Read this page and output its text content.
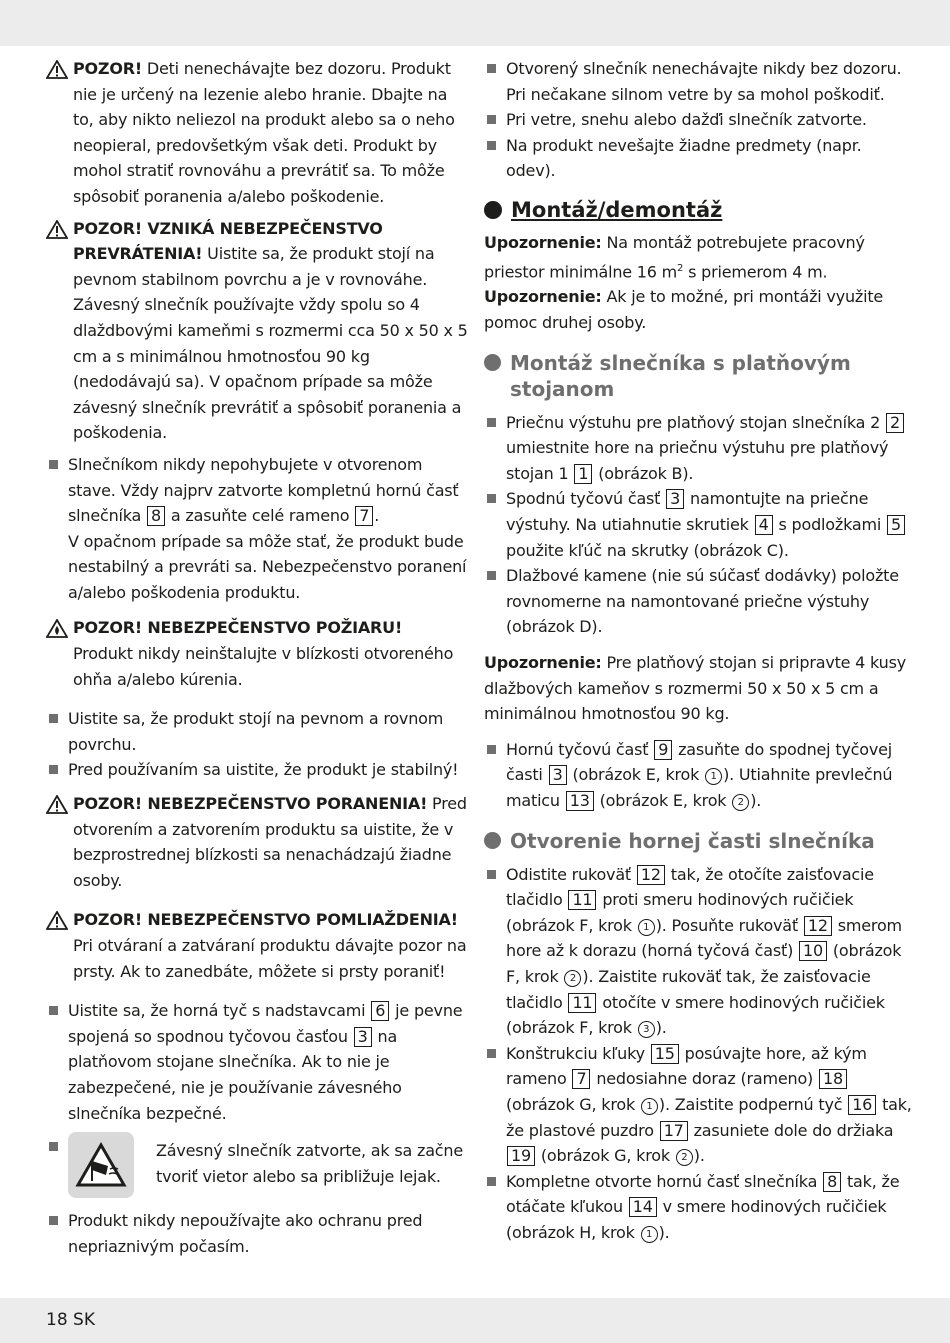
POZOR! Deti nenechávajte bez dozoru. Produkt nie je určený na lezenie alebo hranie. Dbajte na to, aby nikto neliezol na produkt alebo sa o neho neopieral, predovšetkým však deti. Produkt by mohol stratiť rovnováhu a prevrátiť sa. To môže spôsobiť poranenia a/alebo poškodenie.

POZOR! VZNIKÁ NEBEZPEČENSTVO PREVRÁTENIA! Uistite sa, že produkt stojí na pevnom stabilnom povrchu a je v rovnováhe. Závesný slnečník používajte vždy spolu so 4 dlaždbovými kameňmi s rozmermi cca 50 x 50 x 5 cm a s minimálnou hmotnosťou 90 kg (nedodávajú sa). V opačnom prípade sa môže závesný slnečník prevrátiť a spôsobiť poranenia a poškodenia.

Slnečníkom nikdy nepohybujete v otvorenom stave. Vždy najprv zatvorte kompletnú hornú časť slnečníka 8 a zasuňte celé rameno 7 .
V opačnom prípade sa môže stať, že produkt bude nestabilný a prevráti sa. Nebezpečenstvo poranení a/alebo poškodenia produktu.

POZOR! NEBEZPEČENSTVO POŽIARU!
Produkt nikdy neinštalujte v blízkosti otvoreného ohňa a/alebo kúrenia.

Uistite sa, že produkt stojí na pevnom a rovnom povrchu.

Pred používaním sa uistite, že produkt je stabilný!

POZOR! NEBEZPEČENSTVO PORANENIA! Pred otvorením a zatvorením produktu sa uistite, že v bezprostrednej blízkosti sa nenachádzajú žiadne osoby.

POZOR! NEBEZPEČENSTVO POMLIAŽDENIA! Pri otváraní a zatváraní produktu dávajte pozor na prsty. Ak to zanedbáte, môžete si prsty poraniť!

Uistite sa, že horná tyč s nadstavcami 6 je pevne spojená so spodnou tyčovou časťou 3 na platňovom stojane slnečníka. Ak to nie je zabezpečené, nie je používanie závesného slnečníka bezpečné.

Závesný slnečník zatvorte, ak sa začne tvoriť vietor alebo sa približuje lejak.

Produkt nikdy nepoužívajte ako ochranu pred nepriaznivým počasím.

Otvorený slnečník nenechávajte nikdy bez dozoru. Pri nečakane silnom vetre by sa mohol poškodiť.

Pri vetre, snehu alebo dažďi slnečník zatvorte.

Na produkt nevešajte žiadne predmety (napr. odev).

Montáž/demontáž

Upozornenie: Na montáž potrebujete pracovný priestor minimálne 16 $m^2$ s priemerom 4 m.

Upozornenie: Ak je to možné, pri montáži využite pomoc druhej osoby.

Montáž slnečníka s platňovým stojanom

Priečnu výstuhu pre platňový stojan slnečníka 2 2 umiestnite hore na priečnu výstuhu pre platňový stojan 1 1 (obrázok B).

Spodnú tyčovú časť 3 namontujte na priečne výstuhy. Na utiahnutie skrutiek 4 s podložkami 5 použite kľúč na skrutky (obrázok C).

Dlažbové kamene (nie sú súčasť dodávky) položte rovnomerne na namontované priečne výstuhy (obrázok D).

Upozornenie: Pre platňový stojan si pripravte 4 kusy dlažbových kameňov s rozmermi 50 x 50 x 5 cm a minimálnou hmotnosťou 90 kg.

Hornú tyčovú časť 9 zasuňte do spodnej tyčovej časti 3 (obrázok E, krok 1 ). Utiahnite prevlečnú maticu 13 (obrázok E, krok 2 ).

Otvorenie hornej časti slnečníka

Odistite rukoväť 12 tak, že otočíte zaisťovacie tlačidlo 11 proti smeru hodinových ručičiek (obrázok F, krok 1 ). Posuňte rukoväť 12 smerom hore až k dorazu (horná tyčová časť) 10 (obrázok F, krok 2 ). Zaistite rukoväť tak, že zaisťovacie tlačidlo 11 otočíte v smere hodinových ručičiek (obrázok F, krok 3 ).

Konštrukciu kľuky 15 posúvajte hore, až kým rameno 7 nedosiahne doraz (rameno) 18 (obrázok G, krok 1 ). Zaistite podpernú tyč 16 tak, že plastové puzdro 17 zasuniete dole do držiaka 19 (obrázok G, krok 2 ).

Kompletne otvorte hornú časť slnečníka 8 tak, že otáčate kľukou 14 v smere hodinových ručičiek (obrázok H, krok 1 ).

18 SK
